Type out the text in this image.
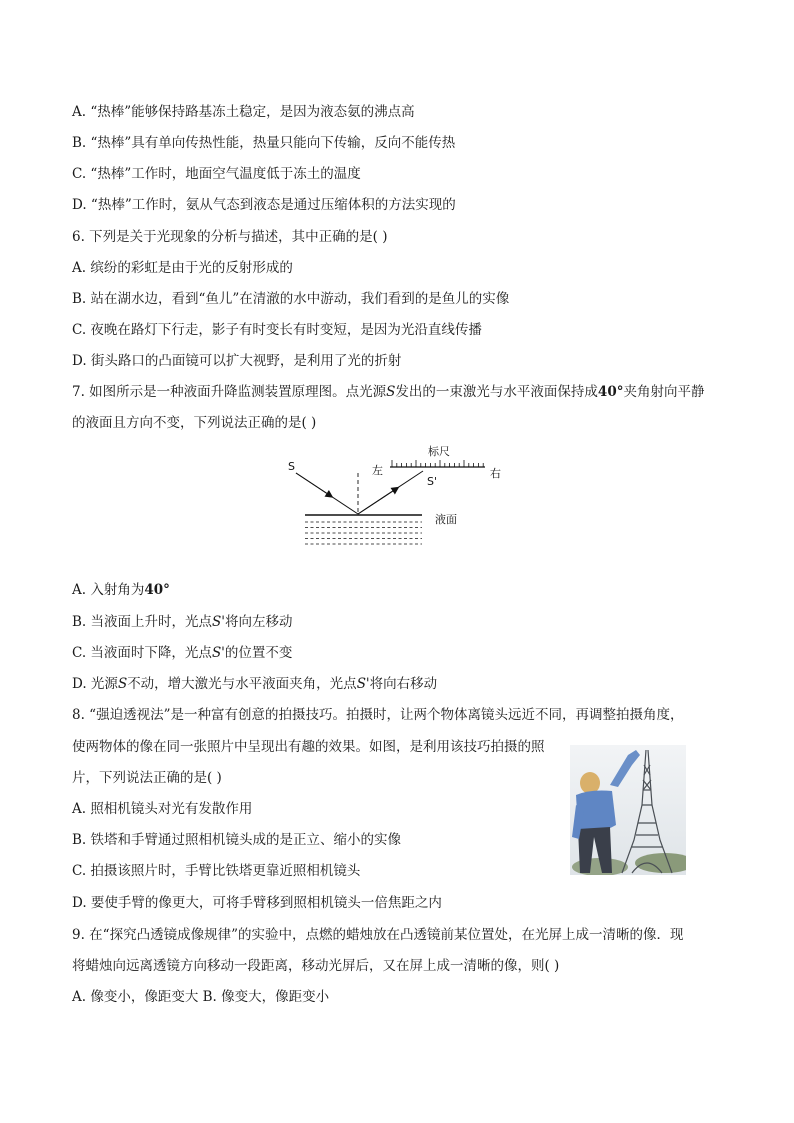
A. “热棒”能够保持路基冻土稳定，是因为液态氨的沸点高
B. “热棒”具有单向传热性能，热量只能向下传输，反向不能传热
C. “热棒”工作时，地面空气温度低于冻土的温度
D. “热棒”工作时，氨从气态到液态是通过压缩体积的方法实现的
6. 下列是关于光现象的分析与描述，其中正确的是( )
A. 缤纷的彩虹是由于光的反射形成的
B. 站在湖水边，看到“鱼儿”在清澈的水中游动，我们看到的是鱼儿的实像
C. 夜晚在路灯下行走，影子有时变长有时变短，是因为光沿直线传播
D. 街头路口的凸面镜可以扩大视野，是利用了光的折射
7. 如图所示是一种液面升降监测装置原理图。点光源S发出的一束激光与水平液面保持成40°夹角射向平静
的液面且方向不变，下列说法正确的是( )
标尺
左	右
S
S'
液面
A. 入射角为40°
B. 当液面上升时，光点S'将向左移动
C. 当液面时下降，光点S'的位置不变
D. 光源S不动，增大激光与水平液面夹角，光点S'将向右移动
8. “强迫透视法”是一种富有创意的拍摄技巧。拍摄时，让两个物体离镜头远近不同，再调整拍摄角度，
使两物体的像在同一张照片中呈现出有趣的效果。如图，是利用该技巧拍摄的照
片，下列说法正确的是( )
A. 照相机镜头对光有发散作用
B. 铁塔和手臂通过照相机镜头成的是正立、缩小的实像
C. 拍摄该照片时，手臂比铁塔更靠近照相机镜头
D. 要使手臂的像更大，可将手臂移到照相机镜头一倍焦距之内
9. 在“探究凸透镜成像规律”的实验中，点燃的蜡烛放在凸透镜前某位置处，在光屏上成一清晰的像．现
将蜡烛向远离透镜方向移动一段距离，移动光屏后，又在屏上成一清晰的像，则( )
A. 像变小，像距变大 B. 像变大，像距变小
